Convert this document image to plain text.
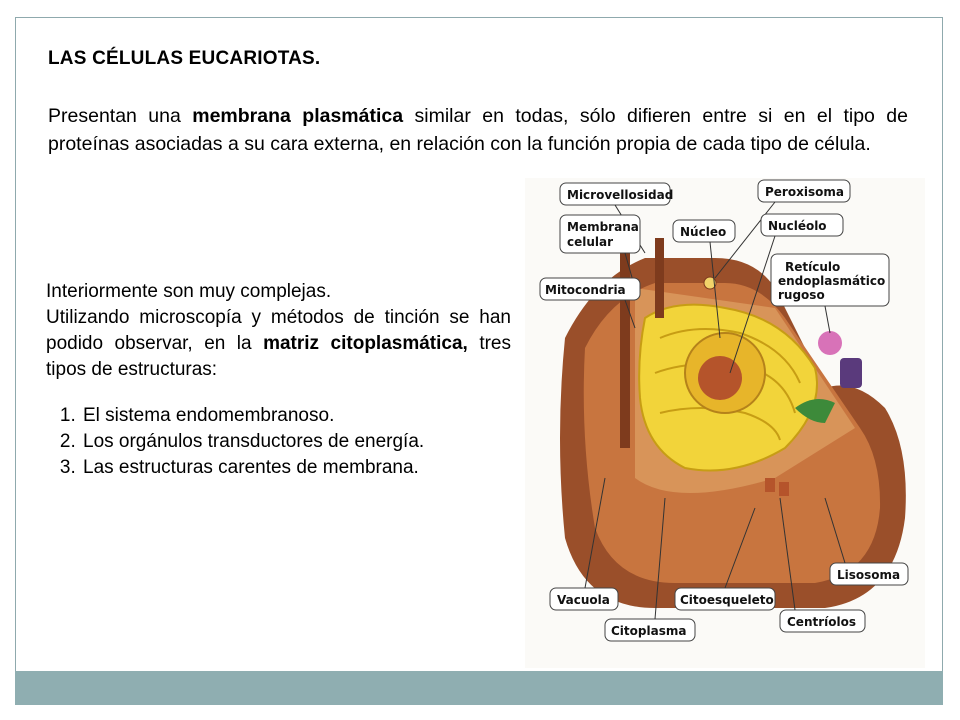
LAS CÉLULAS EUCARIOTAS.

Presentan una membrana plasmática similar en todas, sólo difieren entre si en el tipo de proteínas asociadas a su cara externa, en relación con la función propia de cada tipo de célula.

Interiormente son muy complejas.

Utilizando microscopía y métodos de tinción se han podido observar, en la matriz citoplasmática, tres tipos de estructuras:

1. El sistema endomembranoso.
2. Los orgánulos transductores de energía.
3. Las estructuras carentes de membrana.
Microvellosidad	Peroxisoma
Membrana
celular
Núcleo	Nucléolo
Retículo
endoplasmático
rugoso
Mitocondria
Lisosoma
Vacuola	Citoesqueleto
Citoplasma
Centríolos
